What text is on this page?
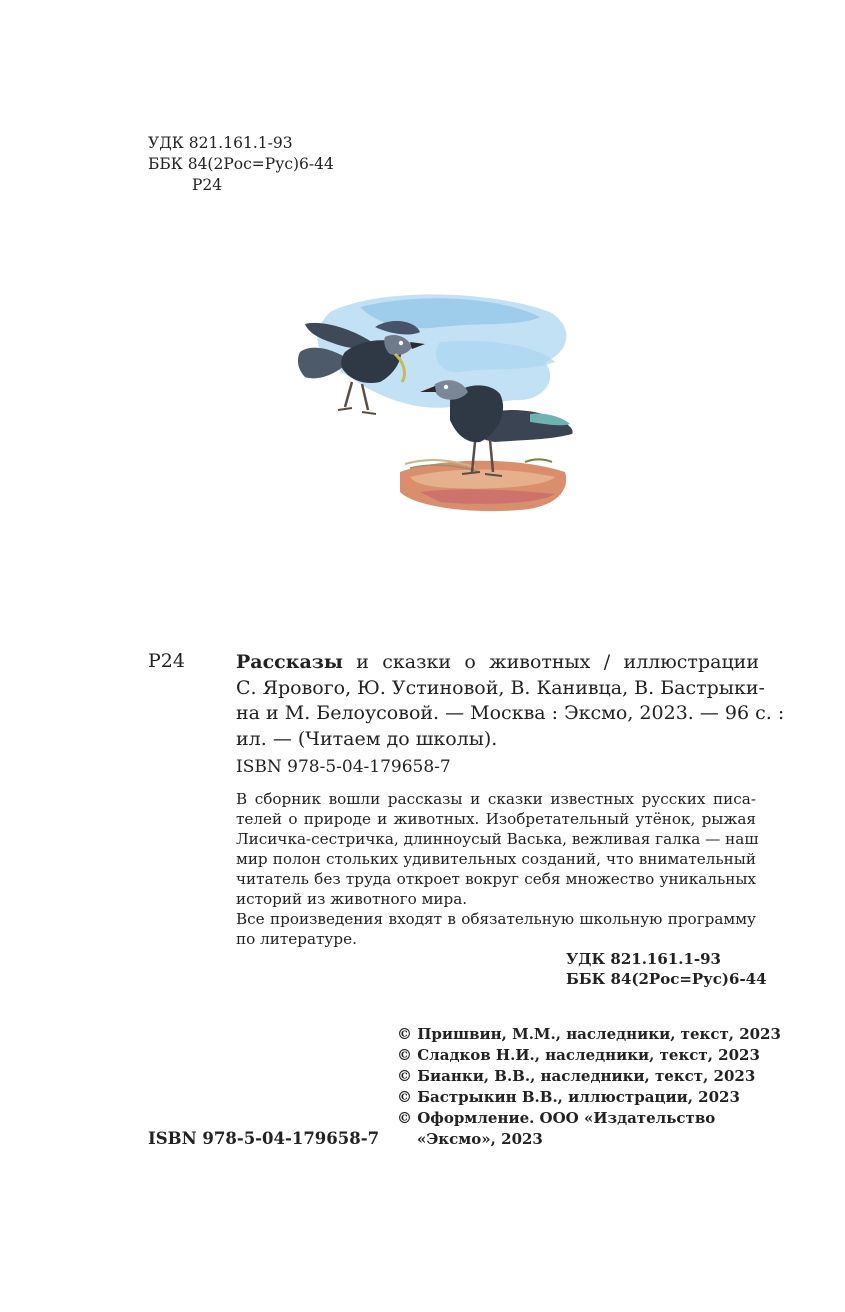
УДК 821.161.1-93
ББК 84(2Рос=Рус)6-44
Р24
Р24	Рассказы и сказки о животных / иллюстрации
С. Ярового, Ю. Устиновой, В. Канивца, В. Бастрыки-
на и М. Белоусовой. — Москва : Эксмо, 2023. — 96 с. :
ил. — (Читаем до школы).
ISBN 978-5-04-179658-7
В сборник вошли рассказы и сказки известных русских писа-
телей о природе и животных. Изобретательный утёнок, рыжая
Лисичка-сестричка, длинноусый Васька, вежливая галка — наш
мир полон стольких удивительных созданий, что внимательный
читатель без труда откроет вокруг себя множество уникальных
историй из животного мира.
Все произведения входят в обязательную школьную программу
по литературе.
УДК 821.161.1-93
ББК 84(2Рос=Рус)6-44
© Пришвин, М.М., наследники, текст, 2023
© Сладков Н.И., наследники, текст, 2023
© Бианки, В.В., наследники, текст, 2023
© Бастрыкин В.В., иллюстрации, 2023
© Оформление. ООО «Издательство
«Эксмо», 2023
ISBN 978-5-04-179658-7
